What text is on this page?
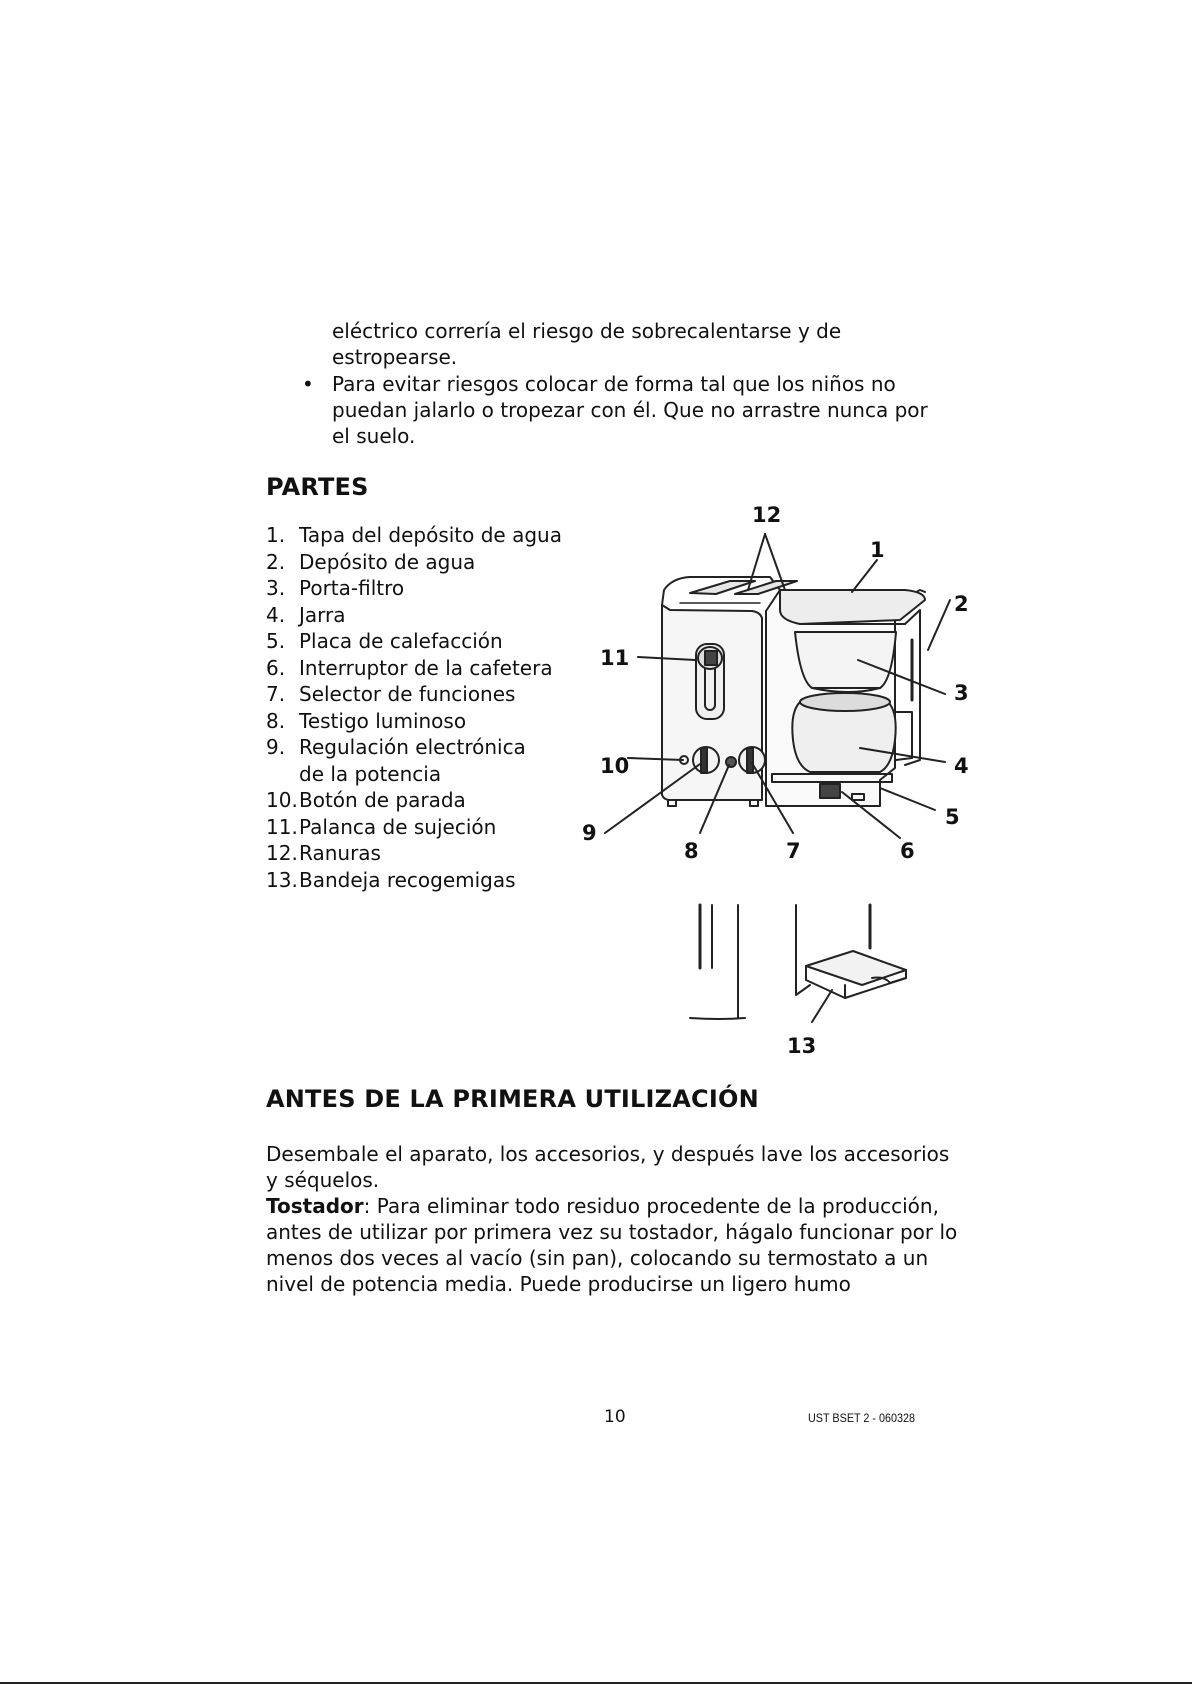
eléctrico correría el riesgo de sobrecalentarse y de
estropearse.
• Para evitar riesgos colocar de forma tal que los niños no
puedan jalarlo o tropezar con él. Que no arrastre nunca por
el suelo.
PARTES
1. Tapa del depósito de agua
2. Depósito de agua
3. Porta-filtro
4. Jarra
5. Placa de calefacción
6. Interruptor de la cafetera
7. Selector de funciones
8. Testigo luminoso
9. Regulación electrónica
de la potencia
10. Botón de parada
11. Palanca de sujeción
12. Ranuras
13. Bandeja recogemigas
12
1
2
11
3
10	4
5
9
8	7	6
13
ANTES DE LA PRIMERA UTILIZACIÓN
Desembale el aparato, los accesorios, y después lave los accesorios
y séquelos.
Tostador: Para eliminar todo residuo procedente de la producción,
antes de utilizar por primera vez su tostador, hágalo funcionar por lo
menos dos veces al vacío (sin pan), colocando su termostato a un
nivel de potencia media. Puede producirse un ligero humo
10	UST BSET 2 - 060328
